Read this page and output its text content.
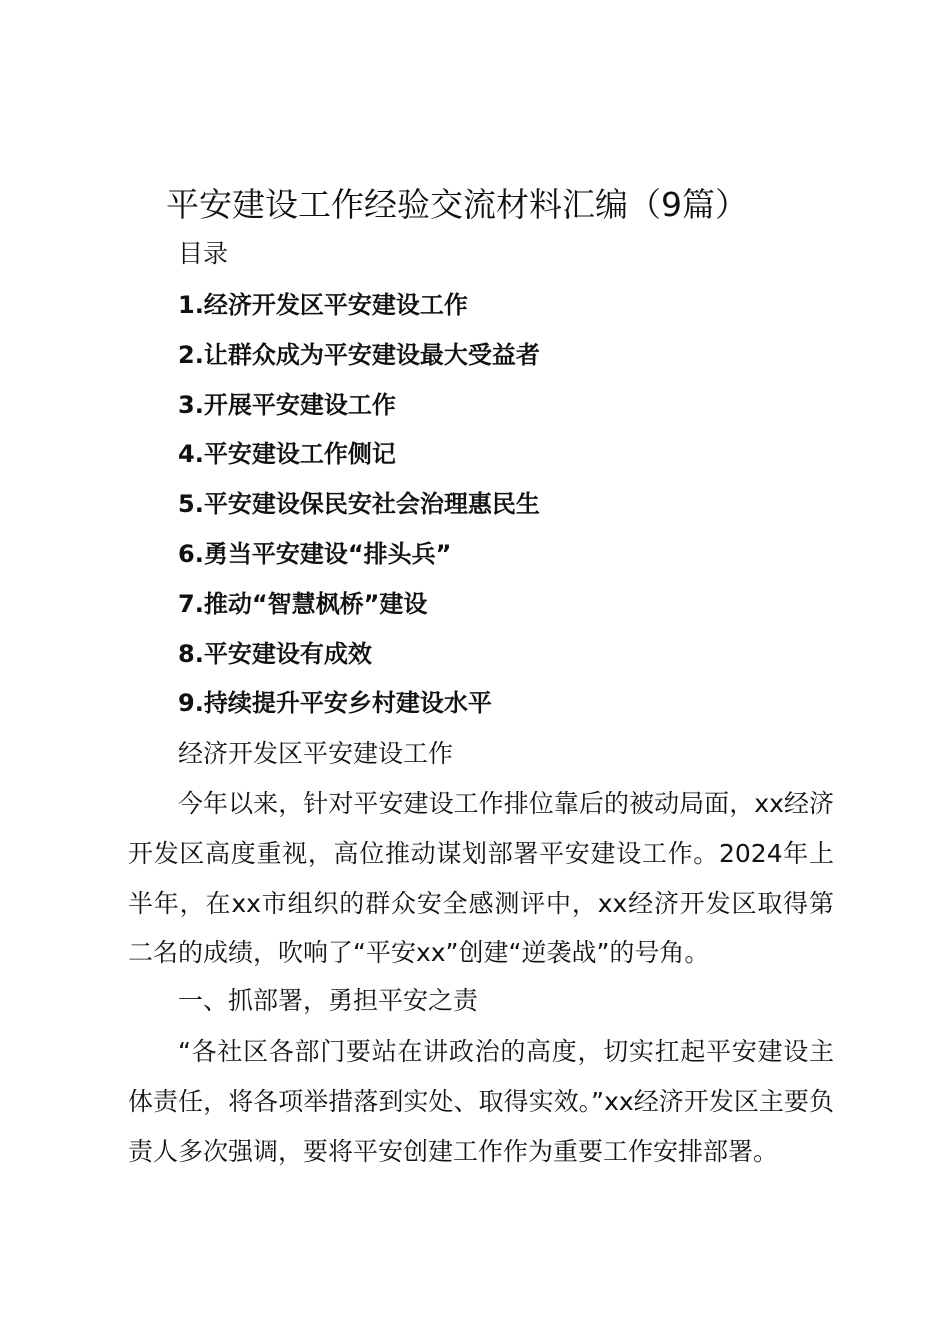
平安建设工作经验交流材料汇编（9篇）
目录
1.经济开发区平安建设工作
2.让群众成为平安建设最大受益者
3.开展平安建设工作
4.平安建设工作侧记
5.平安建设保民安社会治理惠民生
6.勇当平安建设“排头兵”
7.推动“智慧枫桥”建设
8.平安建设有成效
9.持续提升平安乡村建设水平
经济开发区平安建设工作

今年以来，针对平安建设工作排位靠后的被动局面，xx经济开发区高度重视，高位推动谋划部署平安建设工作。2024年上半年，在xx市组织的群众安全感测评中，xx经济开发区取得第二名的成绩，吹响了“平安xx”创建“逆袭战”的号角。

一、抓部署，勇担平安之责

“各社区各部门要站在讲政治的高度，切实扛起平安建设主体责任，将各项举措落到实处、取得实效。”xx经济开发区主要负责人多次强调，要将平安创建工作作为重要工作安排部署。
